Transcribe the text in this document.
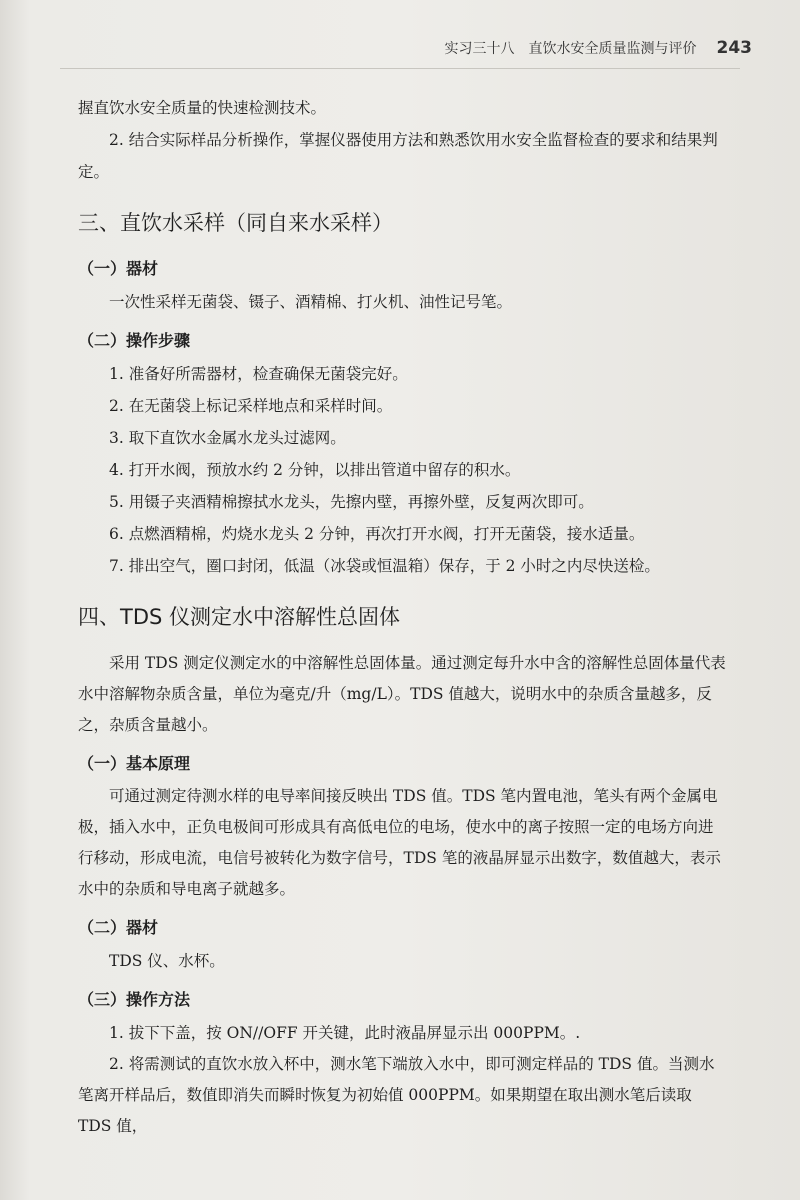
实习三十八　直饮水安全质量监测与评价 243

握直饮水安全质量的快速检测技术。

2. 结合实际样品分析操作，掌握仪器使用方法和熟悉饮用水安全监督检查的要求和结果判定。

三、直饮水采样（同自来水采样）
（一）器材

一次性采样无菌袋、镊子、酒精棉、打火机、油性记号笔。

（二）操作步骤

1. 准备好所需器材，检查确保无菌袋完好。

2. 在无菌袋上标记采样地点和采样时间。

3. 取下直饮水金属水龙头过滤网。

4. 打开水阀，预放水约 2 分钟，以排出管道中留存的积水。

5. 用镊子夹酒精棉擦拭水龙头，先擦内壁，再擦外壁，反复两次即可。

6. 点燃酒精棉，灼烧水龙头 2 分钟，再次打开水阀，打开无菌袋，接水适量。

7. 排出空气，圈口封闭，低温（冰袋或恒温箱）保存，于 2 小时之内尽快送检。

四、TDS 仪测定水中溶解性总固体

采用 TDS 测定仪测定水的中溶解性总固体量。通过测定每升水中含的溶解性总固体量代表水中溶解物杂质含量，单位为毫克/升（mg/L）。TDS 值越大，说明水中的杂质含量越多，反之，杂质含量越小。

（一）基本原理

可通过测定待测水样的电导率间接反映出 TDS 值。TDS 笔内置电池，笔头有两个金属电极，插入水中，正负电极间可形成具有高低电位的电场，使水中的离子按照一定的电场方向进行移动，形成电流，电信号被转化为数字信号，TDS 笔的液晶屏显示出数字，数值越大，表示水中的杂质和导电离子就越多。

（二）器材

TDS 仪、水杯。

（三）操作方法

1. 拔下下盖，按 ON//OFF 开关键，此时液晶屏显示出 000PPM。.

2. 将需测试的直饮水放入杯中，测水笔下端放入水中，即可测定样品的 TDS 值。当测水笔离开样品后，数值即消失而瞬时恢复为初始值 000PPM。如果期望在取出测水笔后读取 TDS 值，
